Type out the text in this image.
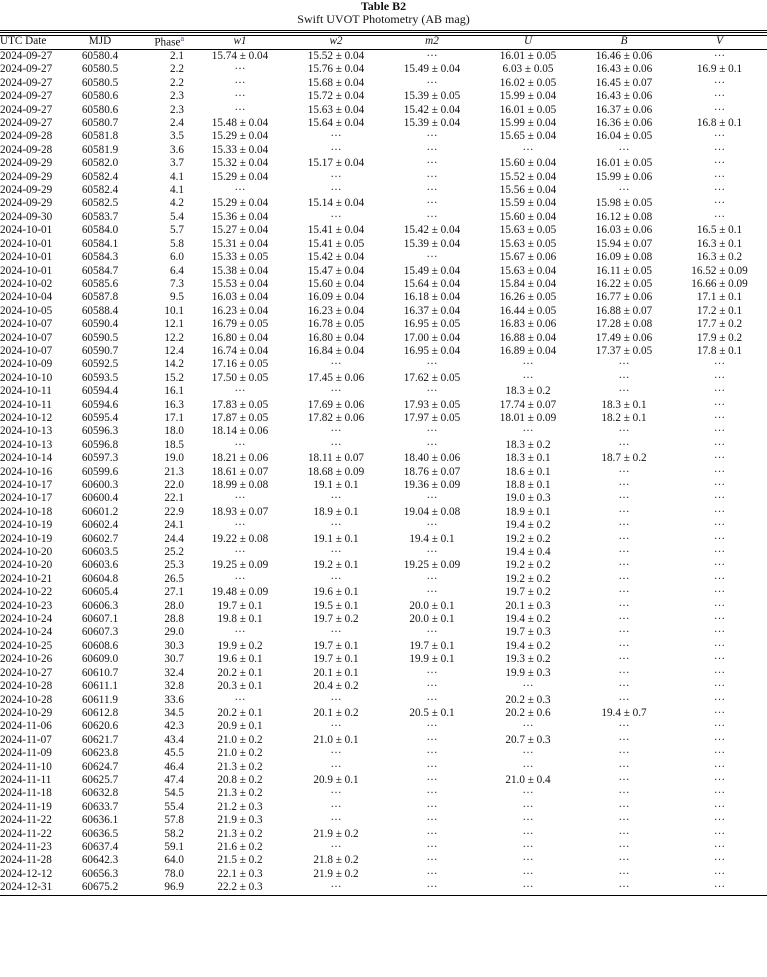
Table B2
Swift UVOT Photometry (AB mag)
UTC Date	MJD	Phase$^a$	w1	w2	m2	U	B	V
2024-09-27	60580.4	2.1	15.74 ± 0.04	15.52 ± 0.04	···	16.01 ± 0.05	16.46 ± 0.06	···
2024-09-27	60580.5	2.2	···	15.76 ± 0.04	15.49 ± 0.04	6.03 ± 0.05	16.43 ± 0.06	16.9 ± 0.1
2024-09-27	60580.5	2.2	···	15.68 ± 0.04	···	16.02 ± 0.05	16.45 ± 0.07	···
2024-09-27	60580.6	2.3	···	15.72 ± 0.04	15.39 ± 0.05	15.99 ± 0.04	16.43 ± 0.06	···
2024-09-27	60580.6	2.3	···	15.63 ± 0.04	15.42 ± 0.04	16.01 ± 0.05	16.37 ± 0.06	···
2024-09-27	60580.7	2.4	15.48 ± 0.04	15.64 ± 0.04	15.39 ± 0.04	15.99 ± 0.04	16.36 ± 0.06	16.8 ± 0.1
2024-09-28	60581.8	3.5	15.29 ± 0.04	···	···	15.65 ± 0.04	16.04 ± 0.05	···
2024-09-28	60581.9	3.6	15.33 ± 0.04	···	···	···	···	···
2024-09-29	60582.0	3.7	15.32 ± 0.04	15.17 ± 0.04	···	15.60 ± 0.04	16.01 ± 0.05	···
2024-09-29	60582.4	4.1	15.29 ± 0.04	···	···	15.52 ± 0.04	15.99 ± 0.06	···
2024-09-29	60582.4	4.1	···	···	···	15.56 ± 0.04	···	···
2024-09-29	60582.5	4.2	15.29 ± 0.04	15.14 ± 0.04	···	15.59 ± 0.04	15.98 ± 0.05	···
2024-09-30	60583.7	5.4	15.36 ± 0.04	···	···	15.60 ± 0.04	16.12 ± 0.08	···
2024-10-01	60584.0	5.7	15.27 ± 0.04	15.41 ± 0.04	15.42 ± 0.04	15.63 ± 0.05	16.03 ± 0.06	16.5 ± 0.1
2024-10-01	60584.1	5.8	15.31 ± 0.04	15.41 ± 0.05	15.39 ± 0.04	15.63 ± 0.05	15.94 ± 0.07	16.3 ± 0.1
2024-10-01	60584.3	6.0	15.33 ± 0.05	15.42 ± 0.04	···	15.67 ± 0.06	16.09 ± 0.08	16.3 ± 0.2
2024-10-01	60584.7	6.4	15.38 ± 0.04	15.47 ± 0.04	15.49 ± 0.04	15.63 ± 0.04	16.11 ± 0.05	16.52 ± 0.09
2024-10-02	60585.6	7.3	15.53 ± 0.04	15.60 ± 0.04	15.64 ± 0.04	15.84 ± 0.04	16.22 ± 0.05	16.66 ± 0.09
2024-10-04	60587.8	9.5	16.03 ± 0.04	16.09 ± 0.04	16.18 ± 0.04	16.26 ± 0.05	16.77 ± 0.06	17.1 ± 0.1
2024-10-05	60588.4	10.1	16.23 ± 0.04	16.23 ± 0.04	16.37 ± 0.04	16.44 ± 0.05	16.88 ± 0.07	17.2 ± 0.1
2024-10-07	60590.4	12.1	16.79 ± 0.05	16.78 ± 0.05	16.95 ± 0.05	16.83 ± 0.06	17.28 ± 0.08	17.7 ± 0.2
2024-10-07	60590.5	12.2	16.80 ± 0.04	16.80 ± 0.04	17.00 ± 0.04	16.88 ± 0.04	17.49 ± 0.06	17.9 ± 0.2
2024-10-07	60590.7	12.4	16.74 ± 0.04	16.84 ± 0.04	16.95 ± 0.04	16.89 ± 0.04	17.37 ± 0.05	17.8 ± 0.1
2024-10-09	60592.5	14.2	17.16 ± 0.05	···	···	···	···	···
2024-10-10	60593.5	15.2	17.50 ± 0.05	17.45 ± 0.06	17.62 ± 0.05	···	···	···
2024-10-11	60594.4	16.1	···	···	···	18.3 ± 0.2	···	···
2024-10-11	60594.6	16.3	17.83 ± 0.05	17.69 ± 0.06	17.93 ± 0.05	17.74 ± 0.07	18.3 ± 0.1	···
2024-10-12	60595.4	17.1	17.87 ± 0.05	17.82 ± 0.06	17.97 ± 0.05	18.01 ± 0.09	18.2 ± 0.1	···
2024-10-13	60596.3	18.0	18.14 ± 0.06	···	···	···	···	···
2024-10-13	60596.8	18.5	···	···	···	18.3 ± 0.2	···	···
2024-10-14	60597.3	19.0	18.21 ± 0.06	18.11 ± 0.07	18.40 ± 0.06	18.3 ± 0.1	18.7 ± 0.2	···
2024-10-16	60599.6	21.3	18.61 ± 0.07	18.68 ± 0.09	18.76 ± 0.07	18.6 ± 0.1	···	···
2024-10-17	60600.3	22.0	18.99 ± 0.08	19.1 ± 0.1	19.36 ± 0.09	18.8 ± 0.1	···	···
2024-10-17	60600.4	22.1	···	···	···	19.0 ± 0.3	···	···
2024-10-18	60601.2	22.9	18.93 ± 0.07	18.9 ± 0.1	19.04 ± 0.08	18.9 ± 0.1	···	···
2024-10-19	60602.4	24.1	···	···	···	19.4 ± 0.2	···	···
2024-10-19	60602.7	24.4	19.22 ± 0.08	19.1 ± 0.1	19.4 ± 0.1	19.2 ± 0.2	···	···
2024-10-20	60603.5	25.2	···	···	···	19.4 ± 0.4	···	···
2024-10-20	60603.6	25.3	19.25 ± 0.09	19.2 ± 0.1	19.25 ± 0.09	19.2 ± 0.2	···	···
2024-10-21	60604.8	26.5	···	···	···	19.2 ± 0.2	···	···
2024-10-22	60605.4	27.1	19.48 ± 0.09	19.6 ± 0.1	···	19.7 ± 0.2	···	···
2024-10-23	60606.3	28.0	19.7 ± 0.1	19.5 ± 0.1	20.0 ± 0.1	20.1 ± 0.3	···	···
2024-10-24	60607.1	28.8	19.8 ± 0.1	19.7 ± 0.2	20.0 ± 0.1	19.4 ± 0.2	···	···
2024-10-24	60607.3	29.0	···	···	···	19.7 ± 0.3	···	···
2024-10-25	60608.6	30.3	19.9 ± 0.2	19.7 ± 0.1	19.7 ± 0.1	19.4 ± 0.2	···	···
2024-10-26	60609.0	30.7	19.6 ± 0.1	19.7 ± 0.1	19.9 ± 0.1	19.3 ± 0.2	···	···
2024-10-27	60610.7	32.4	20.2 ± 0.1	20.1 ± 0.1	···	19.9 ± 0.3	···	···
2024-10-28	60611.1	32.8	20.3 ± 0.1	20.4 ± 0.2	···	···	···	···
2024-10-28	60611.9	33.6	···	···	···	20.2 ± 0.3	···	···
2024-10-29	60612.8	34.5	20.2 ± 0.1	20.1 ± 0.2	20.5 ± 0.1	20.2 ± 0.6	19.4 ± 0.7	···
2024-11-06	60620.6	42.3	20.9 ± 0.1	···	···	···	···	···
2024-11-07	60621.7	43.4	21.0 ± 0.2	21.0 ± 0.1	···	20.7 ± 0.3	···	···
2024-11-09	60623.8	45.5	21.0 ± 0.2	···	···	···	···	···
2024-11-10	60624.7	46.4	21.3 ± 0.2	···	···	···	···	···
2024-11-11	60625.7	47.4	20.8 ± 0.2	20.9 ± 0.1	···	21.0 ± 0.4	···	···
2024-11-18	60632.8	54.5	21.3 ± 0.2	···	···	···	···	···
2024-11-19	60633.7	55.4	21.2 ± 0.3	···	···	···	···	···
2024-11-22	60636.1	57.8	21.9 ± 0.3	···	···	···	···	···
2024-11-22	60636.5	58.2	21.3 ± 0.2	21.9 ± 0.2	···	···	···	···
2024-11-23	60637.4	59.1	21.6 ± 0.2	···	···	···	···	···
2024-11-28	60642.3	64.0	21.5 ± 0.2	21.8 ± 0.2	···	···	···	···
2024-12-12	60656.3	78.0	22.1 ± 0.3	21.9 ± 0.2	···	···	···	···
2024-12-31	60675.2	96.9	22.2 ± 0.3	···	···	···	···	···
